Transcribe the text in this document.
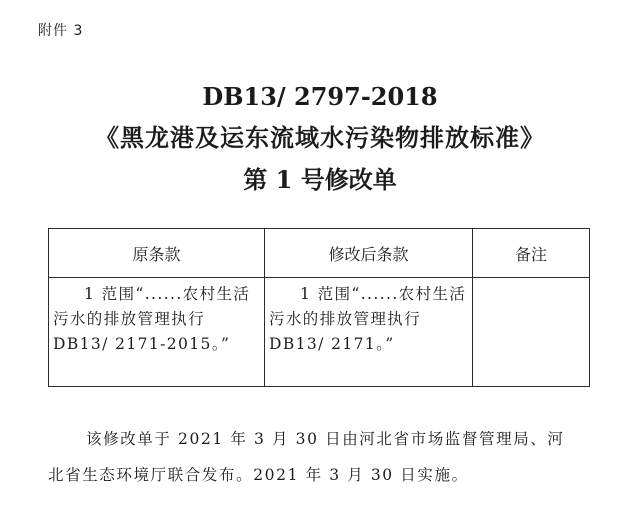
附件 3
DB13/ 2797-2018
《黑龙港及运东流域水污染物排放标准》
第 1 号修改单
原条款	修改后条款	备注
1 范围“......农村生活污水的排放管理执行 DB13/ 2171-2015。”	1 范围“......农村生活污水的排放管理执行 DB13/ 2171。”	
该修改单于 2021 年 3 月 30 日由河北省市场监督管理局、河
北省生态环境厅联合发布。2021 年 3 月 30 日实施。
